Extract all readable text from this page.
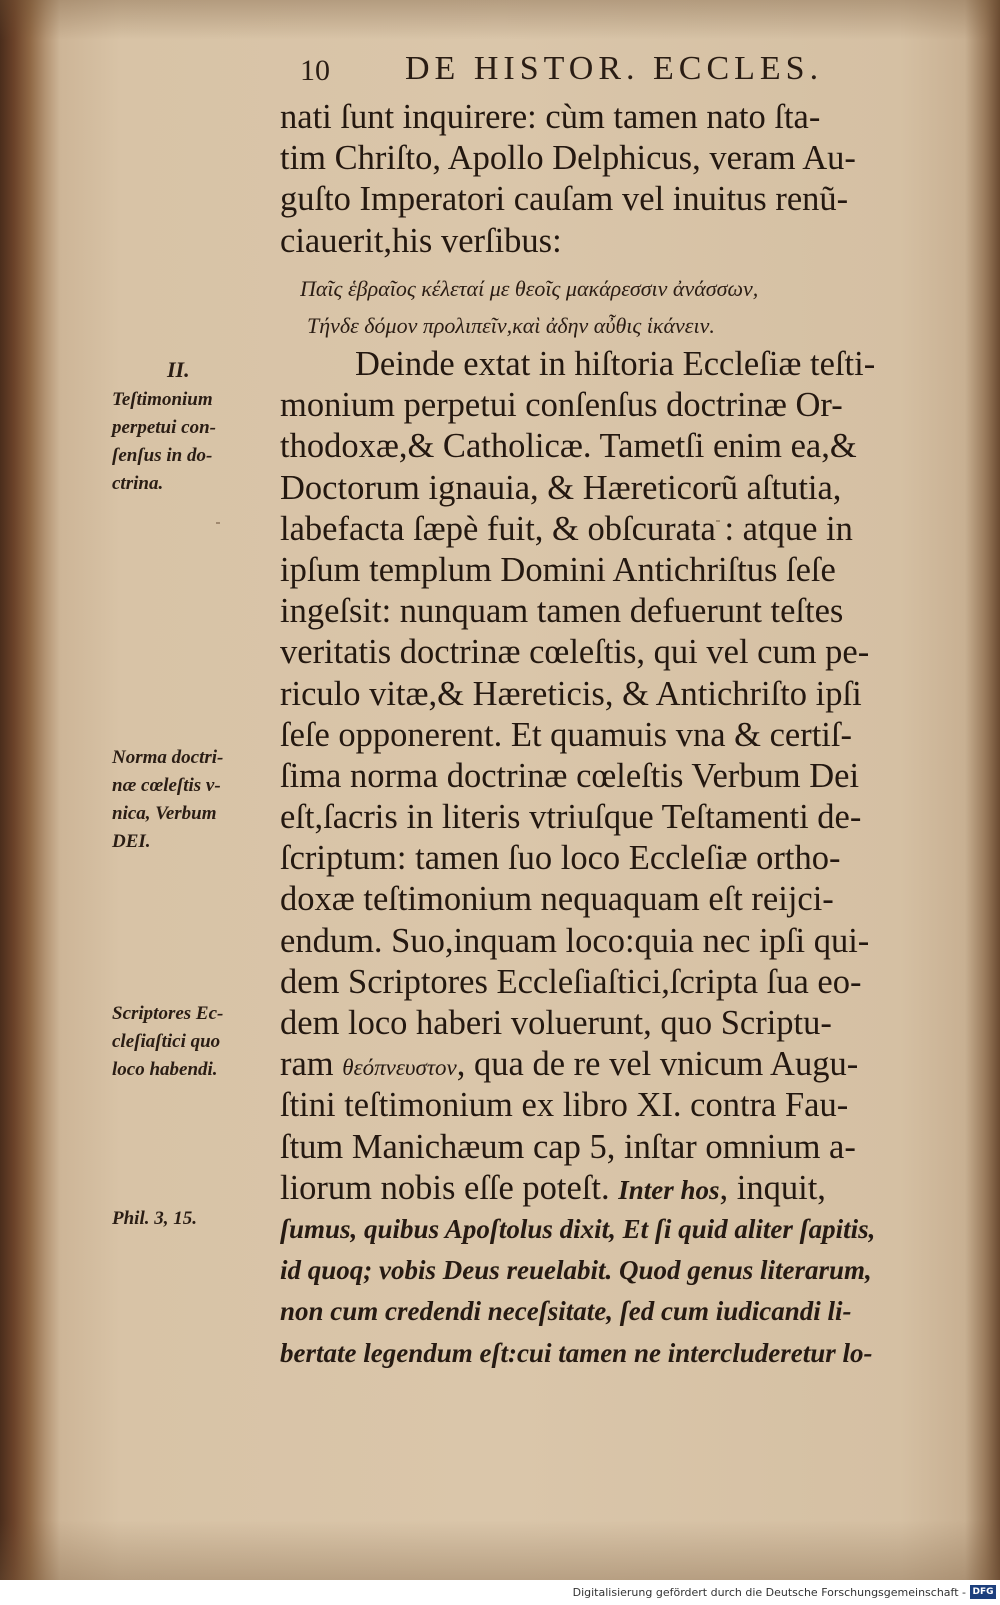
10 DE HISTOR. ECCLES.
nati ſunt inquirere: cùm tamen nato ſta-
tim Chriſto, Apollo Delphicus, veram Au-
guſto Imperatori cauſam vel inuitus renũ-
ciauerit,his verſibus:
Παῖς ἑβραῖος κέλεταί με θεοῖς μακάρεσσιν ἀνάσσων,
Τήνδε δόμον προλιπεῖν,καὶ ἀδην αὖθις ἱκάνειν.
Deinde extat in hiſtoria Eccleſiæ teſti-
monium perpetui conſenſus doctrinæ Or-
thodoxæ,& Catholicæ. Tametſi enim ea,&
Doctorum ignauia, & Hæreticorũ aſtutia,
labefacta ſæpè fuit, & obſcurata : atque in
ipſum templum Domini Antichriſtus ſeſe
ingeſsit: nunquam tamen defuerunt teſtes
veritatis doctrinæ cœleſtis, qui vel cum pe-
riculo vitæ,& Hæreticis, & Antichriſto ipſi
ſeſe opponerent. Et quamuis vna & certiſ-
ſima norma doctrinæ cœleſtis Verbum Dei
eſt,ſacris in literis vtriuſque Teſtamenti de-
ſcriptum: tamen ſuo loco Eccleſiæ ortho-
doxæ teſtimonium nequaquam eſt reijci-
endum. Suo,inquam loco:quia nec ipſi qui-
dem Scriptores Eccleſiaſtici,ſcripta ſua eo-
dem loco haberi voluerunt, quo Scriptu-
ram θεόπνευστον, qua de re vel vnicum Augu-
ſtini teſtimonium ex libro XI. contra Fau-
ſtum Manichæum cap 5, inſtar omnium a-
liorum nobis eſſe poteſt. Inter hos, inquit,
ſumus, quibus Apoſtolus dixit, Et ſi quid aliter ſapitis,
id quoq; vobis Deus reuelabit. Quod genus literarum,
non cum credendi neceſsitate, ſed cum iudicandi li-
bertate legendum eſt:cui tamen ne intercluderetur lo-
II.
Teſtimonium
perpetui con-
ſenſus in do-
ctrina.
Norma doctri-
næ cœleſtis v-
nica, Verbum
DEI.
Scriptores Ec-
cleſiaſtici quo
loco habendi.
Phil. 3, 15.
Digitalisierung gefördert durch die Deutsche Forschungsgemeinschaft - DFG
